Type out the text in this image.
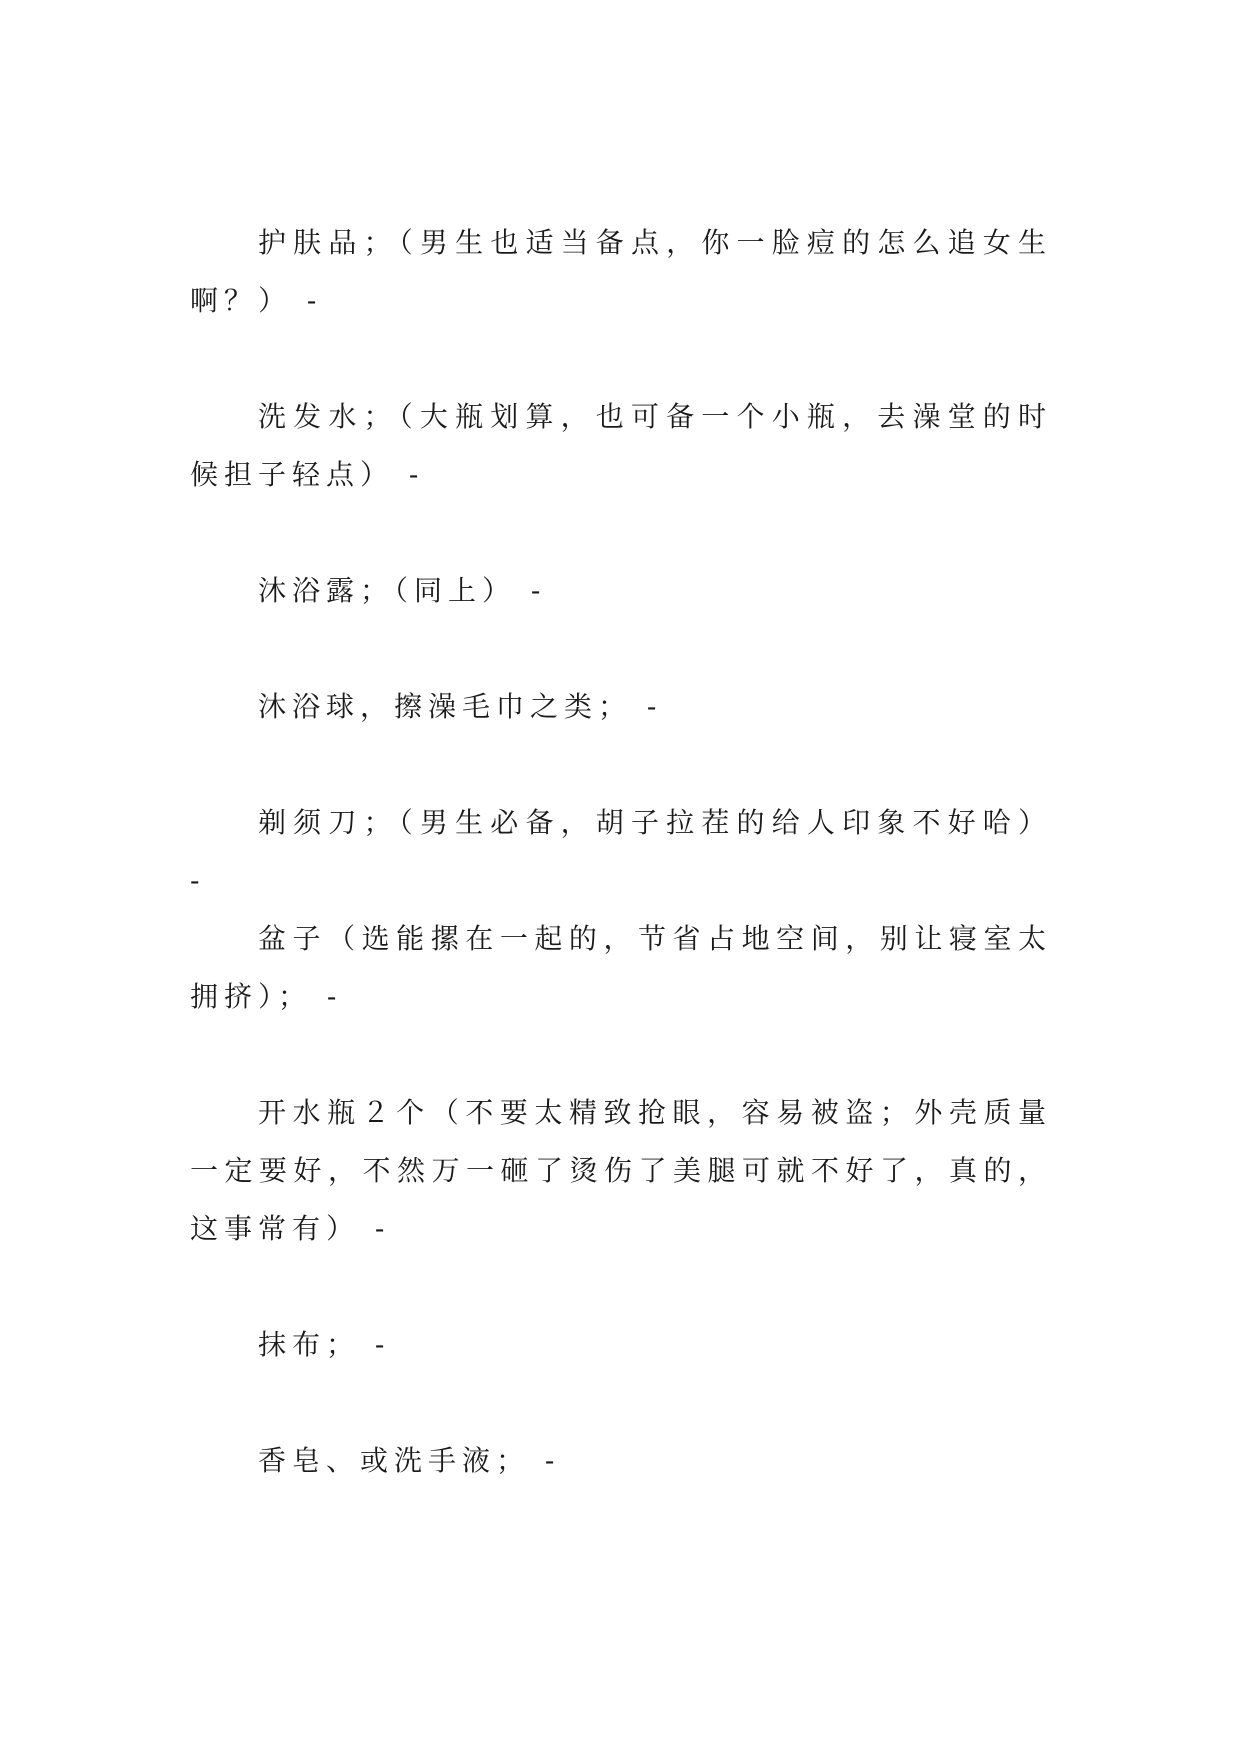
护肤品；（男生也适当备点，你一脸痘的怎么追女生啊？） -

洗发水；（大瓶划算，也可备一个小瓶，去澡堂的时候担子轻点） -

沐浴露；（同上） -

沐浴球，擦澡毛巾之类； -

剃须刀；（男生必备，胡子拉茬的给人印象不好哈） -

盆子（选能摞在一起的，节省占地空间，别让寝室太拥挤）； -

开水瓶２个（不要太精致抢眼，容易被盗；外壳质量一定要好，不然万一砸了烫伤了美腿可就不好了，真的，这事常有） -

抹布； -

香皂、或洗手液； -
